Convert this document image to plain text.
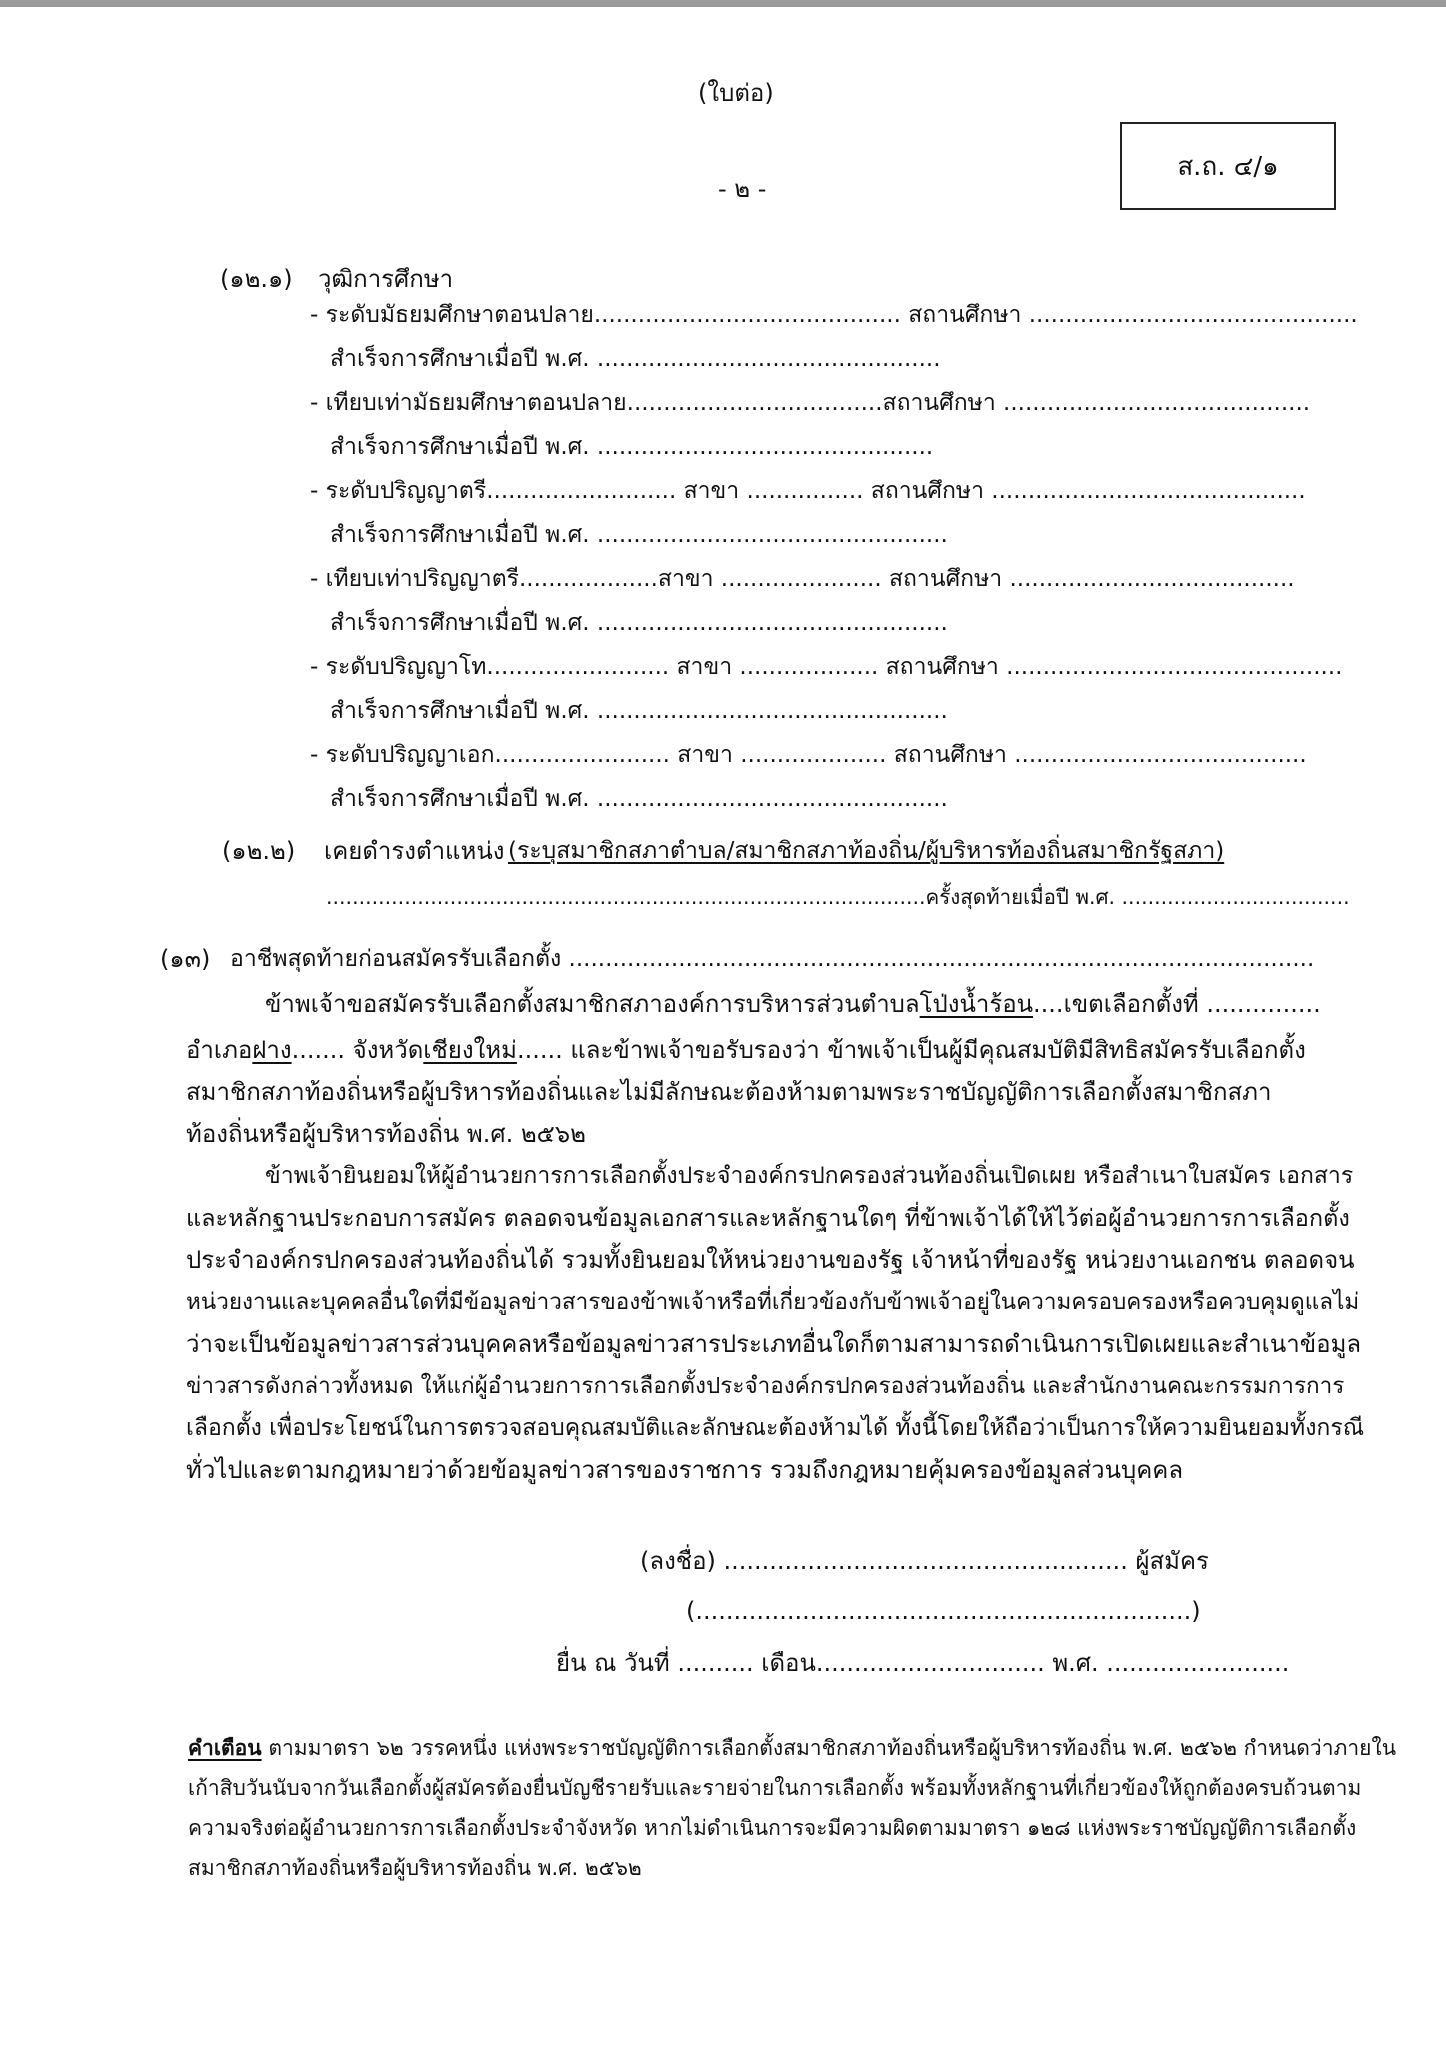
(ใบต่อ)
- ๒ -
ส.ถ. ๔/๑
(๑๒.๑) วุฒิการศึกษา
- ระดับมัธยมศึกษาตอนปลาย.......................................... สถานศึกษา .............................................
สำเร็จการศึกษาเมื่อปี พ.ศ. ...............................................
- เทียบเท่ามัธยมศึกษาตอนปลาย...................................สถานศึกษา ..........................................
สำเร็จการศึกษาเมื่อปี พ.ศ. ..............................................
- ระดับปริญญาตรี.......................... สาขา ................ สถานศึกษา ...........................................
สำเร็จการศึกษาเมื่อปี พ.ศ. ................................................
- เทียบเท่าปริญญาตรี...................สาขา ...................... สถานศึกษา .......................................
สำเร็จการศึกษาเมื่อปี พ.ศ. ................................................
- ระดับปริญญาโท......................... สาขา ................... สถานศึกษา ..............................................
สำเร็จการศึกษาเมื่อปี พ.ศ. ................................................
- ระดับปริญญาเอก........................ สาขา .................... สถานศึกษา ........................................
สำเร็จการศึกษาเมื่อปี พ.ศ. ................................................
(๑๒.๒) เคยดำรงตำแหน่ง (ระบุสมาชิกสภาตำบล/สมาชิกสภาท้องถิ่น/ผู้บริหารท้องถิ่นสมาชิกรัฐสภา)
............................................................................................ครั้งสุดท้ายเมื่อปี พ.ศ. ...................................
(๑๓) อาชีพสุดท้ายก่อนสมัครรับเลือกตั้ง ......................................................................................................
ข้าพเจ้าขอสมัครรับเลือกตั้งสมาชิกสภาองค์การบริหารส่วนตำบลโป่งน้ำร้อน....เขตเลือกตั้งที่ ...............
อำเภอฝาง....... จังหวัดเชียงใหม่...... และข้าพเจ้าขอรับรองว่า ข้าพเจ้าเป็นผู้มีคุณสมบัติมีสิทธิสมัครรับเลือกตั้ง
สมาชิกสภาท้องถิ่นหรือผู้บริหารท้องถิ่นและไม่มีลักษณะต้องห้ามตามพระราชบัญญัติการเลือกตั้งสมาชิกสภา
ท้องถิ่นหรือผู้บริหารท้องถิ่น พ.ศ. ๒๕๖๒
ข้าพเจ้ายินยอมให้ผู้อำนวยการการเลือกตั้งประจำองค์กรปกครองส่วนท้องถิ่นเปิดเผย หรือสำเนาใบสมัคร เอกสาร
และหลักฐานประกอบการสมัคร ตลอดจนข้อมูลเอกสารและหลักฐานใดๆ ที่ข้าพเจ้าได้ให้ไว้ต่อผู้อำนวยการการเลือกตั้ง
ประจำองค์กรปกครองส่วนท้องถิ่นได้ รวมทั้งยินยอมให้หน่วยงานของรัฐ เจ้าหน้าที่ของรัฐ หน่วยงานเอกชน ตลอดจน
หน่วยงานและบุคคลอื่นใดที่มีข้อมูลข่าวสารของข้าพเจ้าหรือที่เกี่ยวข้องกับข้าพเจ้าอยู่ในความครอบครองหรือควบคุมดูแลไม่
ว่าจะเป็นข้อมูลข่าวสารส่วนบุคคลหรือข้อมูลข่าวสารประเภทอื่นใดก็ตามสามารถดำเนินการเปิดเผยและสำเนาข้อมูล
ข่าวสารดังกล่าวทั้งหมด ให้แก่ผู้อำนวยการการเลือกตั้งประจำองค์กรปกครองส่วนท้องถิ่น และสำนักงานคณะกรรมการการ
เลือกตั้ง เพื่อประโยชน์ในการตรวจสอบคุณสมบัติและลักษณะต้องห้ามได้ ทั้งนี้โดยให้ถือว่าเป็นการให้ความยินยอมทั้งกรณี
ทั่วไปและตามกฎหมายว่าด้วยข้อมูลข่าวสารของราชการ รวมถึงกฎหมายคุ้มครองข้อมูลส่วนบุคคล
(ลงชื่อ) ..................................................... ผู้สมัคร
(.................................................................)
ยื่น ณ วันที่ .......... เดือน.............................. พ.ศ. ........................
คำเตือน ตามมาตรา ๖๒ วรรคหนึ่ง แห่งพระราชบัญญัติการเลือกตั้งสมาชิกสภาท้องถิ่นหรือผู้บริหารท้องถิ่น พ.ศ. ๒๕๖๒ กำหนดว่าภายใน
เก้าสิบวันนับจากวันเลือกตั้งผู้สมัครต้องยื่นบัญชีรายรับและรายจ่ายในการเลือกตั้ง พร้อมทั้งหลักฐานที่เกี่ยวข้องให้ถูกต้องครบถ้วนตาม
ความจริงต่อผู้อำนวยการการเลือกตั้งประจำจังหวัด หากไม่ดำเนินการจะมีความผิดตามมาตรา ๑๒๘ แห่งพระราชบัญญัติการเลือกตั้ง
สมาชิกสภาท้องถิ่นหรือผู้บริหารท้องถิ่น พ.ศ. ๒๕๖๒
